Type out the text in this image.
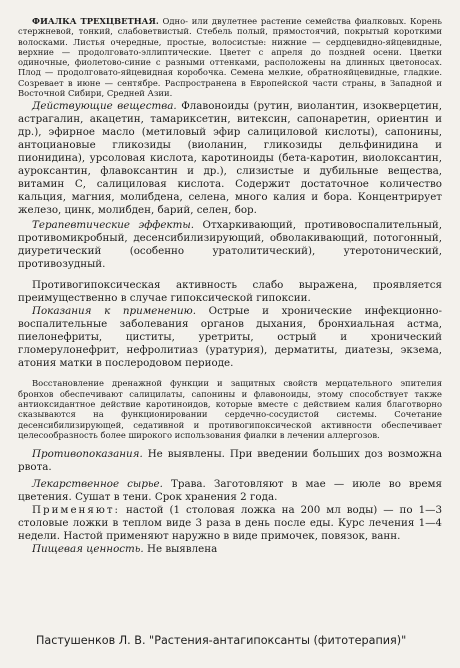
ФИАЛКА ТРЕХЦВЕТНАЯ. Одно- или двулетнее растение семейства фиалковых. Корень стержневой, тонкий, слабоветвистый. Стебель полый, прямостоячий, покрытый короткими волосками. Листья очередные, простые, волосистые: нижние — сердцевидно-яйцевидные, верхние — продолговато-эллиптические. Цветет с апреля до поздней осени. Цветки одиночные, фиолетово-синие с разными оттенками, расположены на длинных цветоносах. Плод — продолговато-яйцевидная коробочка. Семена мелкие, обратнояйцевидные, гладкие. Созревает в июне — сентябре. Распространена в Европейской части страны, в Западной и Восточной Сибири, Средней Азии.

Действующие вещества. Флавоноиды (рутин, виолантин, изокверцетин, астрагалин, акацетин, тамариксетин, витексин, сапонаретин, ориентин и др.), эфирное масло (метиловый эфир салициловой кислоты), сапонины, антоциановые гликозиды (виоланин, гликозиды дельфинидина и пионидина), урсоловая кислота, каротиноиды (бета-каротин, виолоксантин, ауроксантин, флавоксантин и др.), слизистые и дубильные вещества, витамин С, салициловая кислота. Содержит достаточное количество кальция, магния, молибдена, селена, много калия и бора. Концентрирует железо, цинк, молибден, барий, селен, бор.

Терапевтические эффекты. Отхаркивающий, противовоспалительный, противомикробный, десенсибилизирующий, обволакивающий, потогонный, диуретический (особенно уратолитический), утеротонический, противозудный.

Противогипоксическая активность слабо выражена, проявляется преимущественно в случае гипоксической гипоксии.

Показания к применению. Острые и хронические инфекционно-воспалительные заболевания органов дыхания, бронхиальная астма, пиелонефриты, циститы, уретриты, острый и хронический гломерулонефрит, нефролитиаз (уратурия), дерматиты, диатезы, экзема, атония матки в послеродовом периоде.

Восстановление дренажной функции и защитных свойств мерцательного эпителия бронхов обеспечивают салицилаты, сапонины и флавоноиды, этому способствует также антиоксидантное действие каротиноидов, которые вместе с действием калия благотворно сказываются на функционировании сердечно-сосудистой системы. Сочетание десенсибилизирующей, седативной и противогипоксической активности обеспечивает целесообразность более широкого использования фиалки в лечении аллергозов.

Противопоказания. Не выявлены. При введении больших доз возможна рвота.

Лекарственное сырье. Трава. Заготовляют в мае — июле во время цветения. Сушат в тени. Срок хранения 2 года.

Применяют: настой (1 столовая ложка на 200 мл воды) — по 1—3 столовые ложки в теплом виде 3 раза в день после еды. Курс лечения 1—4 недели. Настой применяют наружно в виде примочек, повязок, ванн.

Пищевая ценность. Не выявлена

Пастушенков Л. В. "Растения-антагипоксанты (фитотерапия)"
